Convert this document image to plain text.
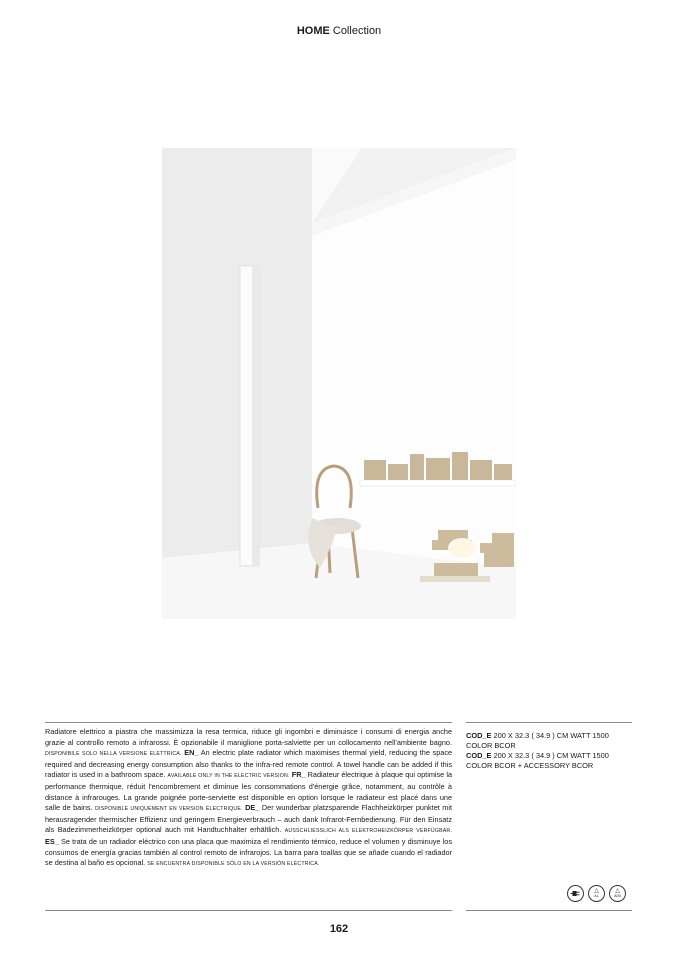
HOME Collection
Radiatore elettrico a piastra che massimizza la resa termica, riduce gli ingombri e diminuisce i consumi di energia anche grazie al controllo remoto a infrarossi. È opzionabile il maniglione porta-salviette per un collocamento nell'ambiente bagno. DISPONIBILE SOLO NELLA VERSIONE ELETTRICA. EN_ An electric plate radiator which maximises thermal yield, reducing the space required and decreasing energy consumption also thanks to the infra-red remote control. A towel handle can be added if this radiator is used in a bathroom space. AVAILABLE ONLY IN THE ELECTRIC VERSION. FR_ Radiateur électrique à plaque qui optimise la performance thermique, réduit l'encombrement et diminue les consommations d'énergie grâce, notamment, au contrôle à distance à infrarouges. La grande poignée porte-serviette est disponible en option lorsque le radiateur est placé dans une salle de bains. DISPONIBLE UNIQUEMENT EN VERSION ÉLECTRIQUE. DE_ Der wunderbar platzsparende Flachheizkörper punktet mit herausragender thermischer Effizienz und geringem Energieverbrauch – auch dank Infrarot-Fernbedienung. Für den Einsatz als Badezimmerheizkörper optional auch mit Handtuchhalter erhältlich. AUSSCHLIESSLICH ALS ELEKTROHEIZKÖRPER VERFÜGBAR. ES_ Se trata de un radiador eléctrico con una placa que maximiza el rendimiento térmico, reduce el volumen y disminuye los consumos de energía gracias también al control remoto de infrarojos. La barra para toallas que se añade cuando el radiador se destina al baño es opcional. SE ENCUENTRA DISPONIBLE SÓLO EN LA VERSIÓN ELÉCTRICA.
COD_E 200 X 32.3 ( 34.9 ) CM WATT 1500
COLOR BCOR
COD_E 200 X 32.3 ( 34.9 ) CM WATT 1500
COLOR BCOR + ACCESSORY BCOR
△
AL
△
AISI
162
